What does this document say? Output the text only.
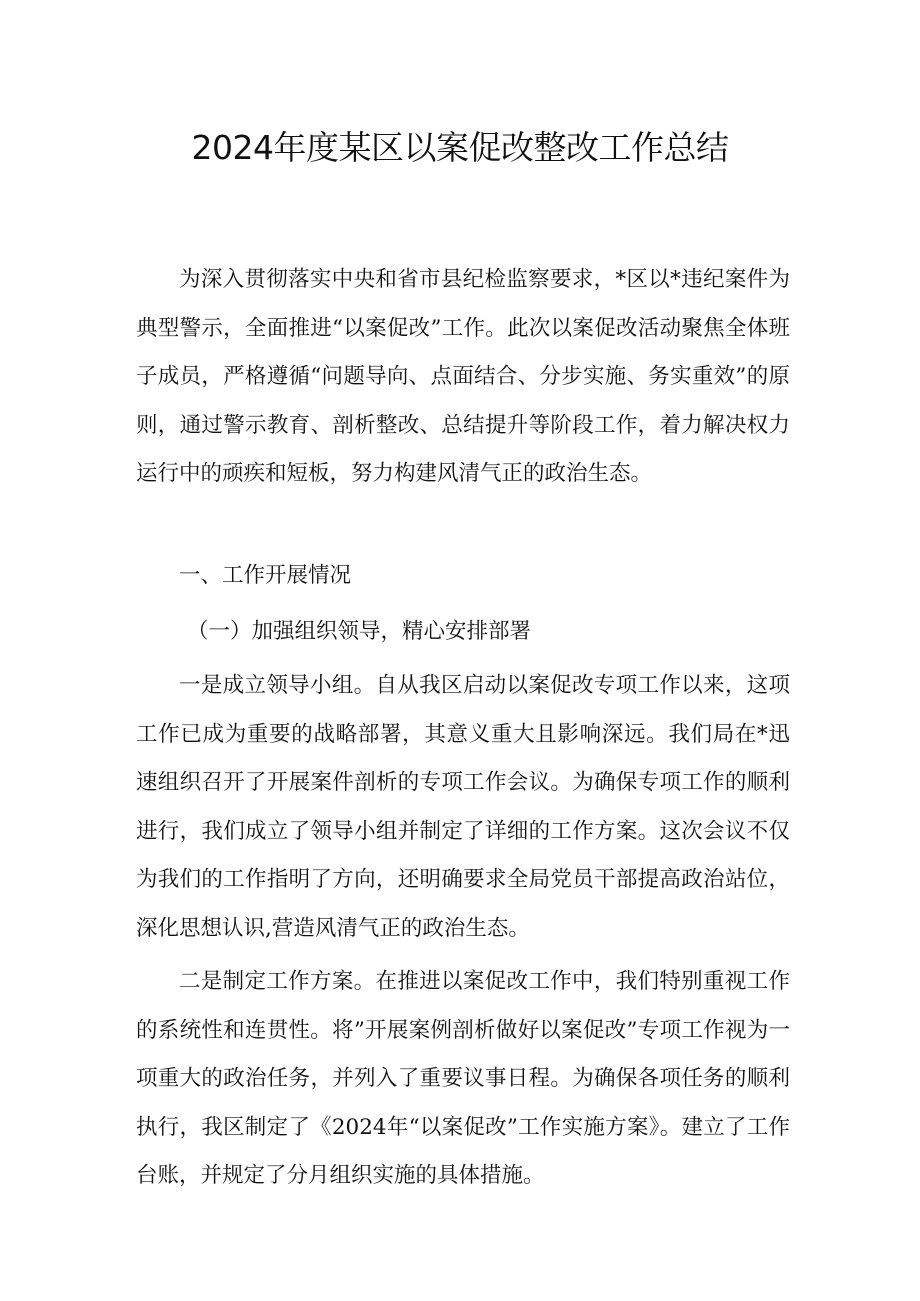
2024年度某区以案促改整改工作总结

为深入贯彻落实中央和省市县纪检监察要求，*区以*违纪案件为典型警示，全面推进“以案促改”工作。此次以案促改活动聚焦全体班子成员，严格遵循“问题导向、点面结合、分步实施、务实重效”的原则，通过警示教育、剖析整改、总结提升等阶段工作，着力解决权力运行中的顽疾和短板，努力构建风清气正的政治生态。

一、工作开展情况

（一）加强组织领导，精心安排部署

一是成立领导小组。自从我区启动以案促改专项工作以来，这项工作已成为重要的战略部署，其意义重大且影响深远。我们局在*迅速组织召开了开展案件剖析的专项工作会议。为确保专项工作的顺利进行，我们成立了领导小组并制定了详细的工作方案。这次会议不仅为我们的工作指明了方向，还明确要求全局党员干部提高政治站位，深化思想认识,营造风清气正的政治生态。

二是制定工作方案。在推进以案促改工作中，我们特别重视工作的系统性和连贯性。将”开展案例剖析做好以案促改”专项工作视为一项重大的政治任务，并列入了重要议事日程。为确保各项任务的顺利执行，我区制定了《2024年“以案促改”工作实施方案》。建立了工作台账，并规定了分月组织实施的具体措施。
